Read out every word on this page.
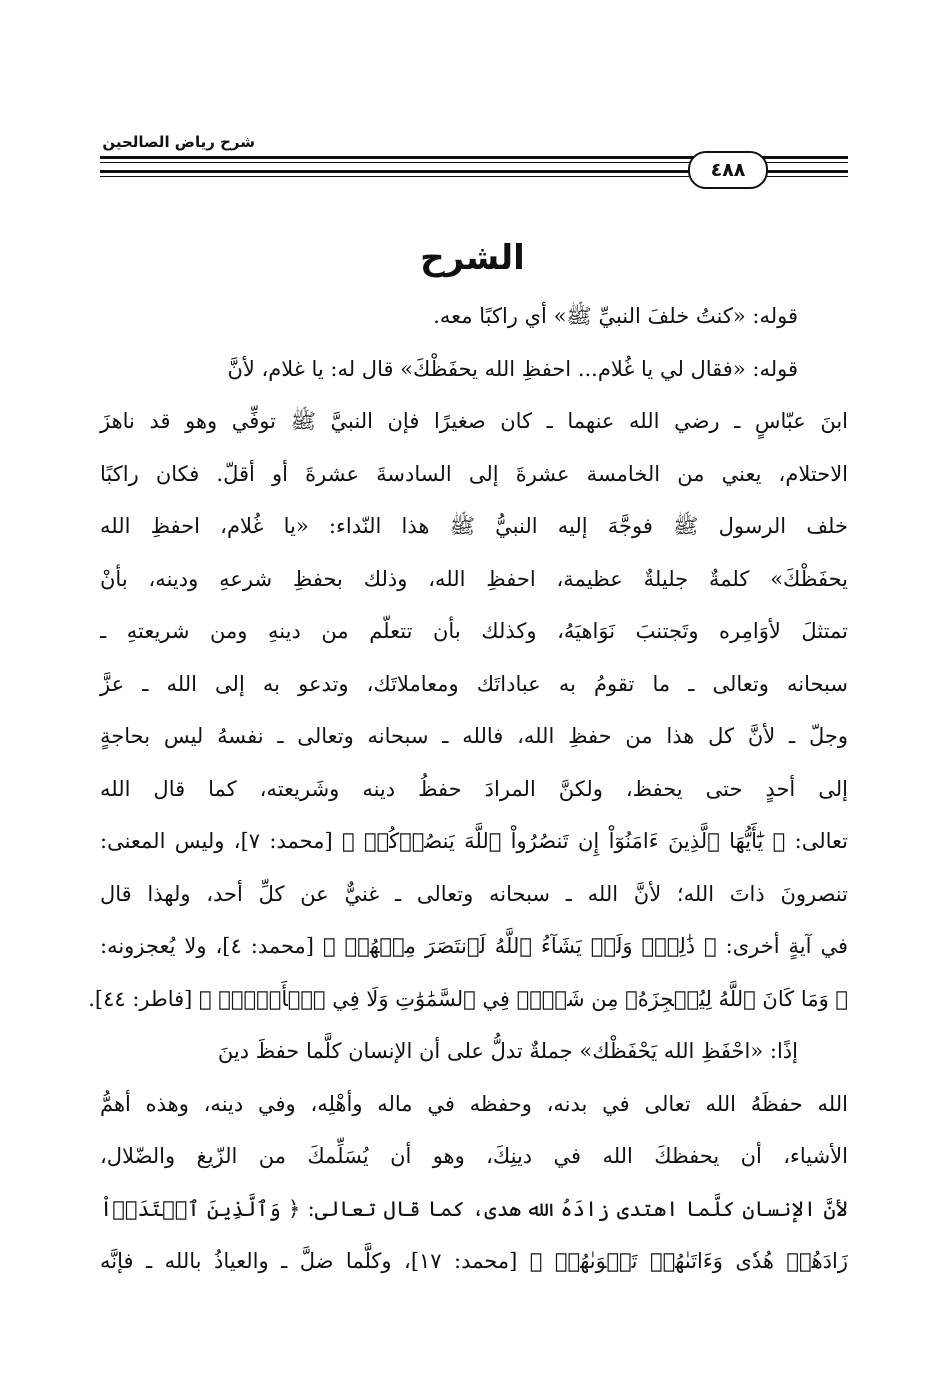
شرح رياض الصالحين
٤٨٨
الشرح
قوله: «كنتُ خلفَ النبيِّ ﷺ» أي راكبًا معه.
قوله: «فقال لي يا غُلام... احفظِ الله يحفَظْكَ» قال له: يا غلام، لأنَّ
ابنَ عبّاسٍ ـ رضي الله عنهما ـ كان صغيرًا فإن النبيَّ ﷺ توفِّي وهو قد ناهزَ
الاحتلام، يعني من الخامسة عشرةَ إلى السادسةَ عشرةَ أو أقلّ. فكان راكبًا
خلف الرسول ﷺ فوجَّهَ إليه النبيُّ ﷺ هذا النّداء: «يا غُلام، احفظِ الله
يحفَظْكَ» كلمةٌ جليلةٌ عظيمة، احفظِ الله، وذلك بحفظِ شرعهِ ودينه، بأنْ
تمتثلَ لأوَامِره وتَجتنبَ نَوَاهيَهُ، وكذلك بأن تتعلّم من دينهِ ومن شريعتهِ ـ
سبحانه وتعالى ـ ما تقومُ به عباداتَك ومعاملاتَك، وتدعو به إلى الله ـ عزَّ
وجلّ ـ لأنَّ كل هذا من حفظِ الله، فالله ـ سبحانه وتعالى ـ نفسهُ ليس بحاجةٍ
إلى أحدٍ حتى يحفظ، ولكنَّ المرادَ حفظُ دينه وشَريعته، كما قال الله
تعالى: ﴿ يَٰٓأَيُّهَا ٱلَّذِينَ ءَامَنُوٓاْ إِن تَنصُرُواْ ٱللَّهَ يَنصُرۡكُمۡ ﴾ [محمد: ٧]، وليس المعنى:
تنصرونَ ذاتَ الله؛ لأنَّ الله ـ سبحانه وتعالى ـ غنيٌّ عن كلِّ أحد، ولهذا قال
في آيةٍ أخرى: ﴿ ذَٰلِكَۖ وَلَوۡ يَشَآءُ ٱللَّهُ لَٱنتَصَرَ مِنۡهُمۡ ﴾ [محمد: ٤]، ولا يُعجزونه:
﴿ وَمَا كَانَ ٱللَّهُ لِيُعۡجِزَهُۥ مِن شَيۡءٖ فِي ٱلسَّمَٰوَٰتِ وَلَا فِي ٱلۡأَرۡضِۚ ﴾ [فاطر: ٤٤].
إذًا: «احْفَظِ الله يَحْفَظْك» جملةٌ تدلُّ على أن الإنسان كلَّما حفظَ دينَ
الله حفظَهُ الله تعالى في بدنه، وحفظه في ماله وأهْلِه، وفي دينه، وهذه أهمُّ
الأشياء، أن يحفظكَ الله في دينِكَ، وهو أن يُسَلِّمكَ من الزّيغ والضّلال،
لأنَّ الإنسان كلَّما اهتدى زادَهُ الله هدى، كما قال تعالى: ﴿ وَٱلَّذِينَ ٱهۡتَدَوۡاْ
زَادَهُمۡ هُدٗى وَءَاتَىٰهُمۡ تَقۡوَىٰهُمۡ ﴾ [محمد: ١٧]، وكلَّما ضلَّ ـ والعياذُ بالله ـ فإنَّه
